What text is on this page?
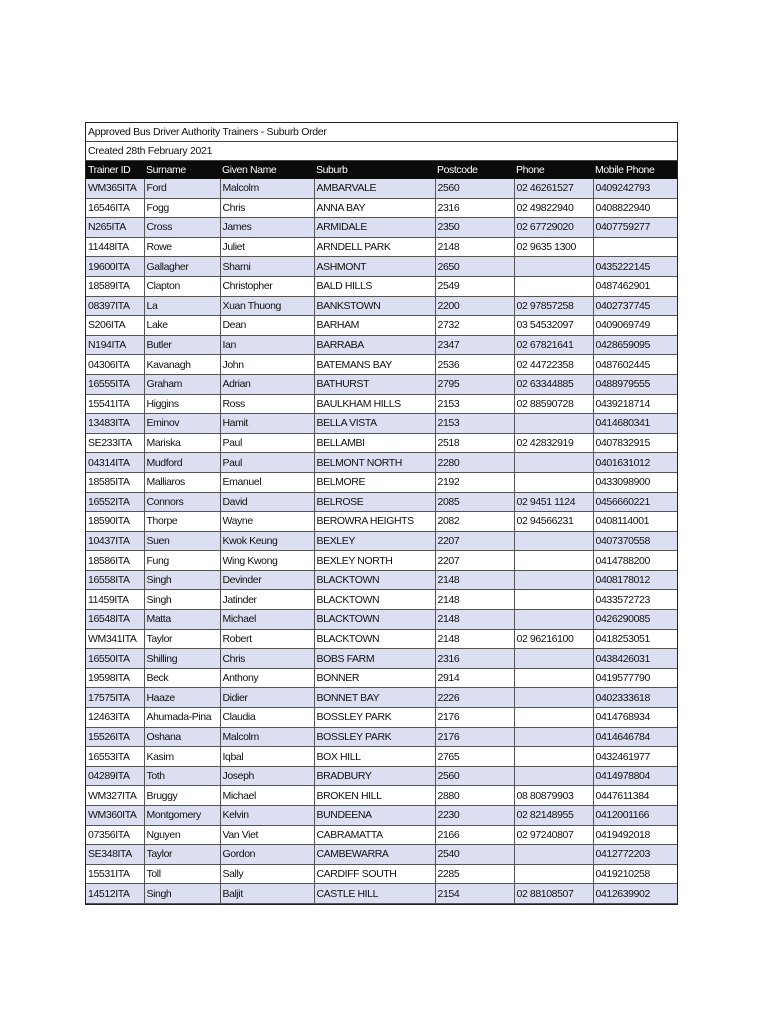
Approved Bus Driver Authority Trainers - Suburb Order
Created 28th February 2021
Trainer ID	Surname	Given Name	Suburb	Postcode	Phone	Mobile Phone
WM365ITA	Ford	Malcolm	AMBARVALE	2560	02 46261527	0409242793
16546ITA	Fogg	Chris	ANNA BAY	2316	02 49822940	0408822940
N265ITA	Cross	James	ARMIDALE	2350	02 67729020	0407759277
11448ITA	Rowe	Juliet	ARNDELL PARK	2148	02 9635 1300	
19600ITA	Gallagher	Sharni	ASHMONT	2650		0435222145
18589ITA	Clapton	Christopher	BALD HILLS	2549		0487462901
08397ITA	La	Xuan Thuong	BANKSTOWN	2200	02 97857258	0402737745
S206ITA	Lake	Dean	BARHAM	2732	03 54532097	0409069749
N194ITA	Butler	Ian	BARRABA	2347	02 67821641	0428659095
04306ITA	Kavanagh	John	BATEMANS BAY	2536	02 44722358	0487602445
16555ITA	Graham	Adrian	BATHURST	2795	02 63344885	0488979555
15541ITA	Higgins	Ross	BAULKHAM HILLS	2153	02 88590728	0439218714
13483ITA	Eminov	Hamit	BELLA VISTA	2153		0414680341
SE233ITA	Mariska	Paul	BELLAMBI	2518	02 42832919	0407832915
04314ITA	Mudford	Paul	BELMONT NORTH	2280		0401631012
18585ITA	Malliaros	Emanuel	BELMORE	2192		0433098900
16552ITA	Connors	David	BELROSE	2085	02 9451 1124	0456660221
18590ITA	Thorpe	Wayne	BEROWRA HEIGHTS	2082	02 94566231	0408114001
10437ITA	Suen	Kwok Keung	BEXLEY	2207		0407370558
18586ITA	Fung	Wing Kwong	BEXLEY NORTH	2207		0414788200
16558ITA	Singh	Devinder	BLACKTOWN	2148		0408178012
11459ITA	Singh	Jatinder	BLACKTOWN	2148		0433572723
16548ITA	Matta	Michael	BLACKTOWN	2148		0426290085
WM341ITA	Taylor	Robert	BLACKTOWN	2148	02 96216100	0418253051
16550ITA	Shilling	Chris	BOBS FARM	2316		0438426031
19598ITA	Beck	Anthony	BONNER	2914		0419577790
17575ITA	Haaze	Didier	BONNET BAY	2226		0402333618
12463ITA	Ahumada-Pina	Claudia	BOSSLEY PARK	2176		0414768934
15526ITA	Oshana	Malcolm	BOSSLEY PARK	2176		0414646784
16553ITA	Kasim	Iqbal	BOX HILL	2765		0432461977
04289ITA	Toth	Joseph	BRADBURY	2560		0414978804
WM327ITA	Bruggy	Michael	BROKEN HILL	2880	08 80879903	0447611384
WM360ITA	Montgomery	Kelvin	BUNDEENA	2230	02 82148955	0412001166
07356ITA	Nguyen	Van Viet	CABRAMATTA	2166	02 97240807	0419492018
SE348ITA	Taylor	Gordon	CAMBEWARRA	2540		0412772203
15531ITA	Toll	Sally	CARDIFF SOUTH	2285		0419210258
14512ITA	Singh	Baljit	CASTLE HILL	2154	02 88108507	0412639902
